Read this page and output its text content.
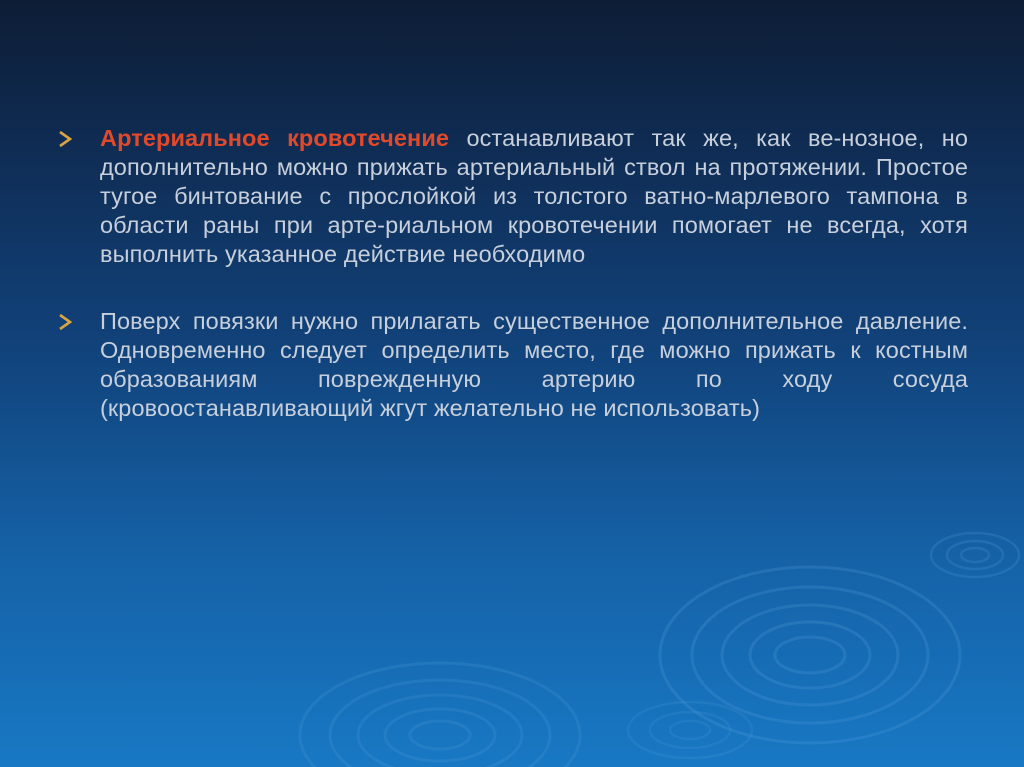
Артериальное кровотечение останавливают так же, как ве-нозное, но дополнительно можно прижать артериальный ствол на протяжении. Простое тугое бинтование с прослойкой из толстого ватно-марлевого тампона в области раны при арте-риальном кровотечении помогает не всегда, хотя выполнить указанное действие необходимо
Поверх повязки нужно прилагать существенное дополнительное давление. Одновременно следует определить место, где можно прижать к костным образованиям поврежденную артерию по ходу сосуда (кровоостанавливающий жгут желательно не использовать)
